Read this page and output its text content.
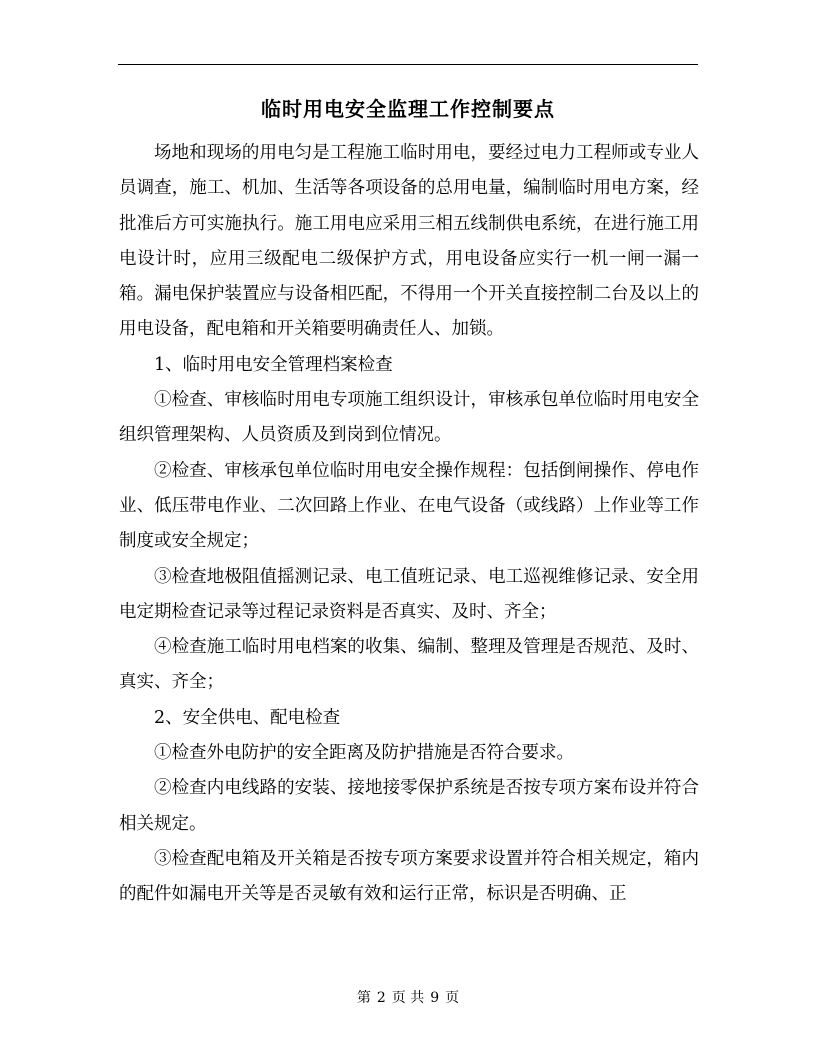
临时用电安全监理工作控制要点

场地和现场的用电匀是工程施工临时用电，要经过电力工程师或专业人员调查，施工、机加、生活等各项设备的总用电量，编制临时用电方案，经批准后方可实施执行。施工用电应采用三相五线制供电系统，在进行施工用电设计时，应用三级配电二级保护方式，用电设备应实行一机一闸一漏一箱。漏电保护装置应与设备相匹配，不得用一个开关直接控制二台及以上的用电设备，配电箱和开关箱要明确责任人、加锁。

1、临时用电安全管理档案检查

①检查、审核临时用电专项施工组织设计，审核承包单位临时用电安全组织管理架构、人员资质及到岗到位情况。

②检查、审核承包单位临时用电安全操作规程：包括倒闸操作、停电作业、低压带电作业、二次回路上作业、在电气设备（或线路）上作业等工作制度或安全规定；

③检查地极阻值摇测记录、电工值班记录、电工巡视维修记录、安全用电定期检查记录等过程记录资料是否真实、及时、齐全；

④检查施工临时用电档案的收集、编制、整理及管理是否规范、及时、真实、齐全；

2、安全供电、配电检查

①检查外电防护的安全距离及防护措施是否符合要求。

②检查内电线路的安装、接地接零保护系统是否按专项方案布设并符合相关规定。

③检查配电箱及开关箱是否按专项方案要求设置并符合相关规定，箱内的配件如漏电开关等是否灵敏有效和运行正常，标识是否明确、正

第 2 页 共 9 页
